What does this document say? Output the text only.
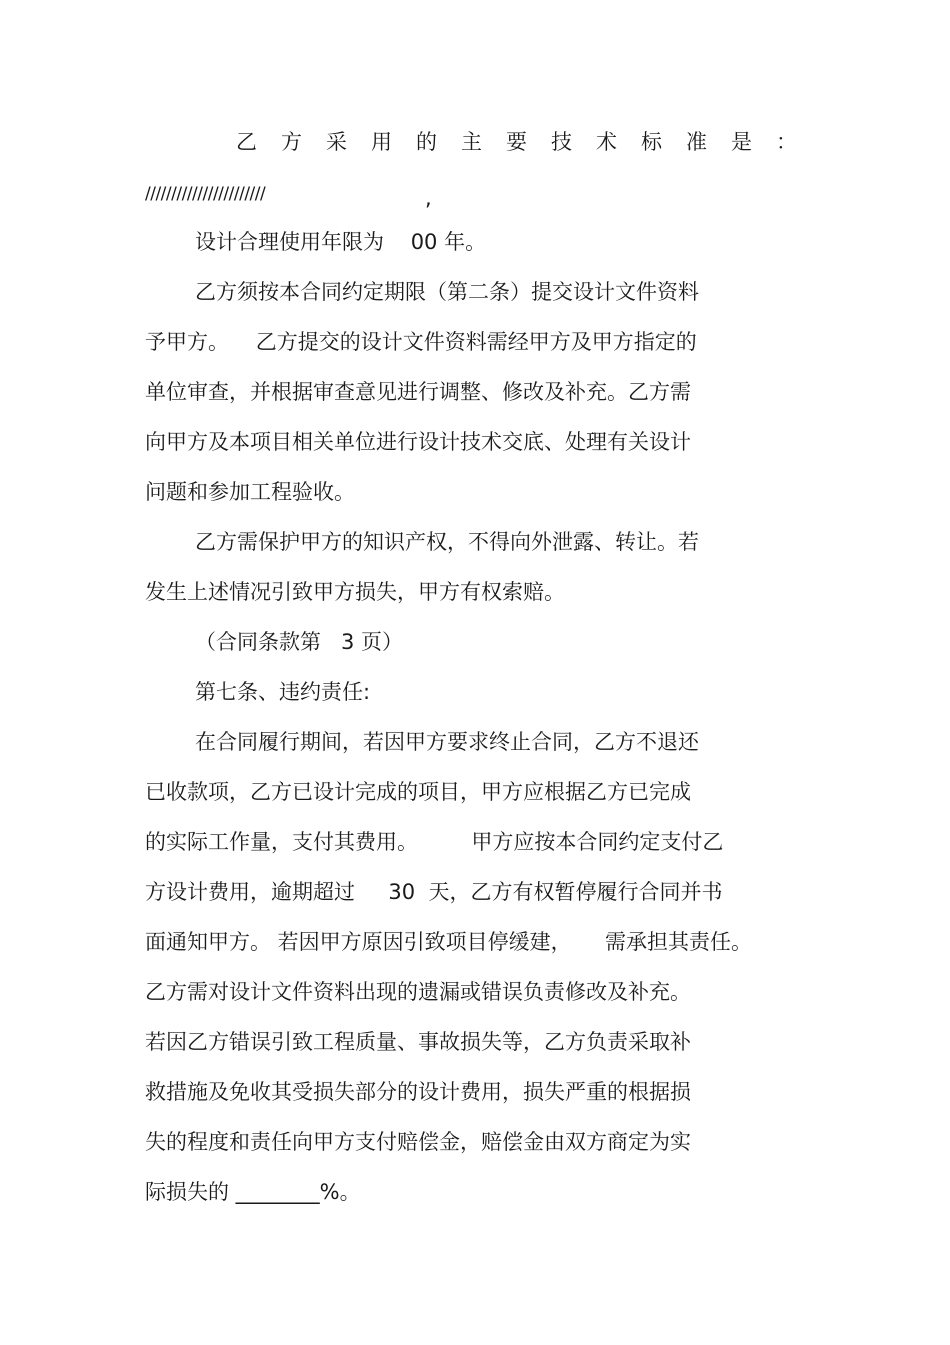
乙方采用的主要技术标准是：
///////////////////////	,
设计合理使用年限为    00 年。
乙方须按本合同约定期限（第二条）提交设计文件资料
予甲方。    乙方提交的设计文件资料需经甲方及甲方指定的
单位审查，并根据审查意见进行调整、修改及补充。乙方需
向甲方及本项目相关单位进行设计技术交底、处理有关设计
问题和参加工程验收。
乙方需保护甲方的知识产权，不得向外泄露、转让。若
发生上述情况引致甲方损失，甲方有权索赔。
（合同条款第   3 页）
第七条、违约责任:
在合同履行期间，若因甲方要求终止合同，乙方不退还
已收款项，乙方已设计完成的项目，甲方应根据乙方已完成
的实际工作量，支付其费用。        甲方应按本合同约定支付乙
方设计费用，逾期超过     30  天，乙方有权暂停履行合同并书
面通知甲方。 若因甲方原因引致项目停缓建，     需承担其责任。
乙方需对设计文件资料出现的遗漏或错误负责修改及补充。
若因乙方错误引致工程质量、事故损失等，乙方负责采取补
救措施及免收其受损失部分的设计费用，损失严重的根据损
失的程度和责任向甲方支付赔偿金，赔偿金由双方商定为实
际损失的 ________%。
